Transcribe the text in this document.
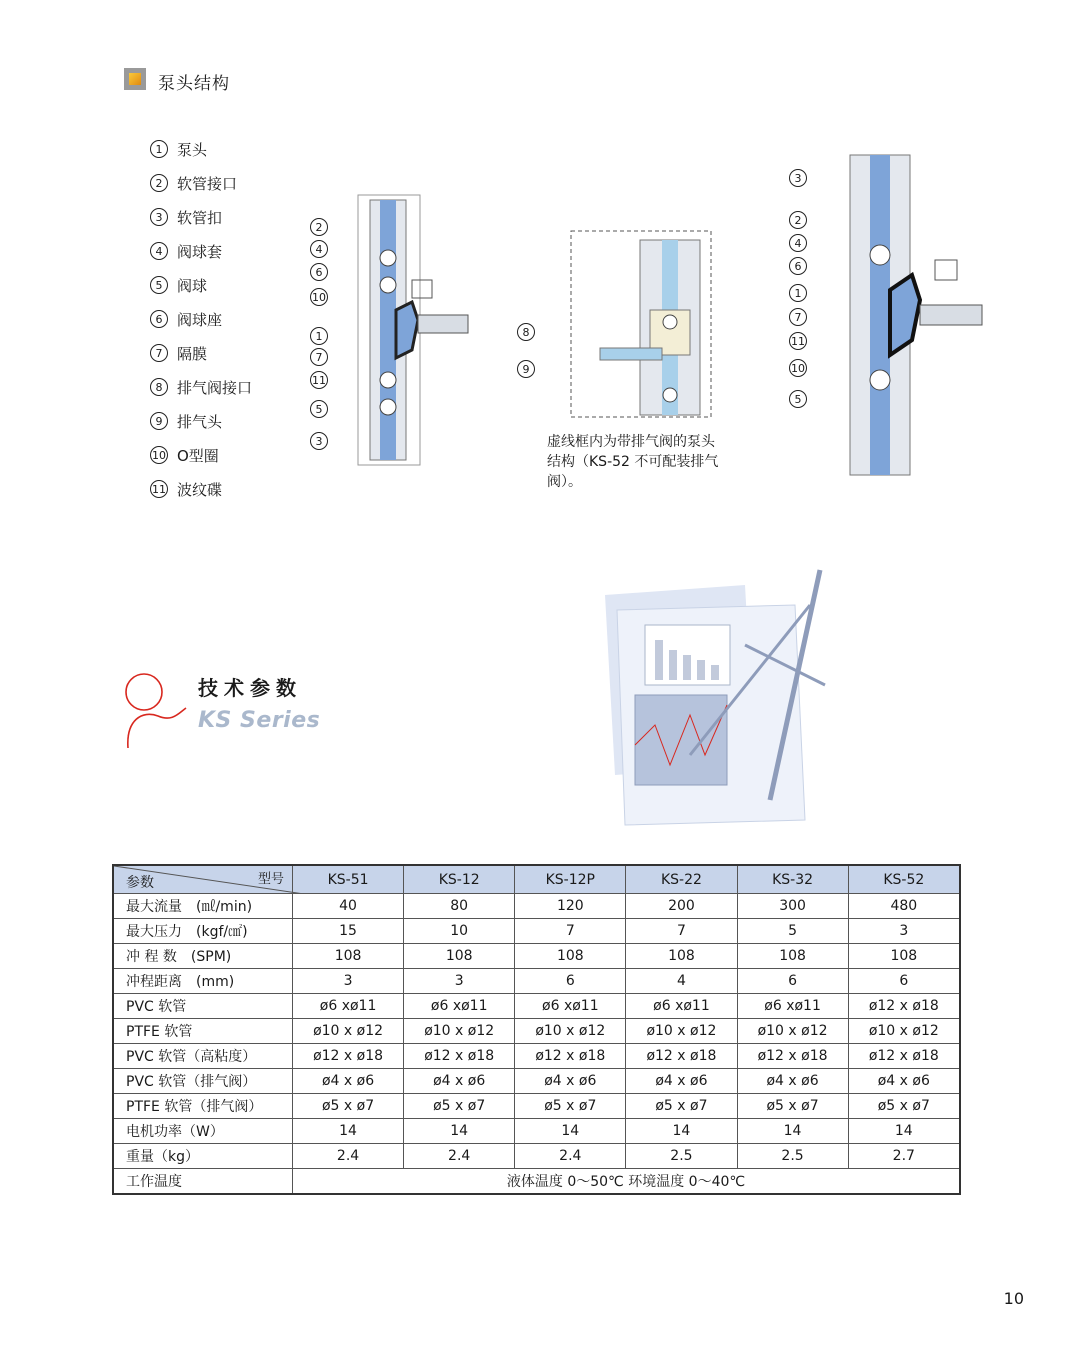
泵头结构
1 泵头
2 软管接口
3 软管扣
4 阀球套
5 阀球
6 阀球座
7 隔膜
8 排气阀接口
9 排气头
10 O型圈
11 波纹碟
2
4
6
10
1
7
11
5
3
8
9
3
2
4
6
1
7
11
10
5
虚线框内为带排气阀的泵头结构（KS-52 不可配装排气阀）。
技术参数
KS Series
型号
参数	KS-51	KS-12	KS-12P	KS-22	KS-32	KS-52
最大流量　(㎖/min)	40	80	120	200	300	480
最大压力　(kgf/㎠)	15	10	7	7	5	3
冲 程 数　(SPM)	108	108	108	108	108	108
冲程距离　(mm)	3	3	6	4	6	6
PVC 软管	ø6 xø11	ø6 xø11	ø6 xø11	ø6 xø11	ø6 xø11	ø12 x ø18
PTFE 软管	ø10 x ø12	ø10 x ø12	ø10 x ø12	ø10 x ø12	ø10 x ø12	ø10 x ø12
PVC 软管（高粘度）	ø12 x ø18	ø12 x ø18	ø12 x ø18	ø12 x ø18	ø12 x ø18	ø12 x ø18
PVC 软管（排气阀）	ø4 x ø6	ø4 x ø6	ø4 x ø6	ø4 x ø6	ø4 x ø6	ø4 x ø6
PTFE 软管（排气阀）	ø5 x ø7	ø5 x ø7	ø5 x ø7	ø5 x ø7	ø5 x ø7	ø5 x ø7
电机功率（W）	14	14	14	14	14	14
重量（kg）	2.4	2.4	2.4	2.5	2.5	2.7
工作温度	液体温度 0～50℃ 环境温度 0～40℃					
10
